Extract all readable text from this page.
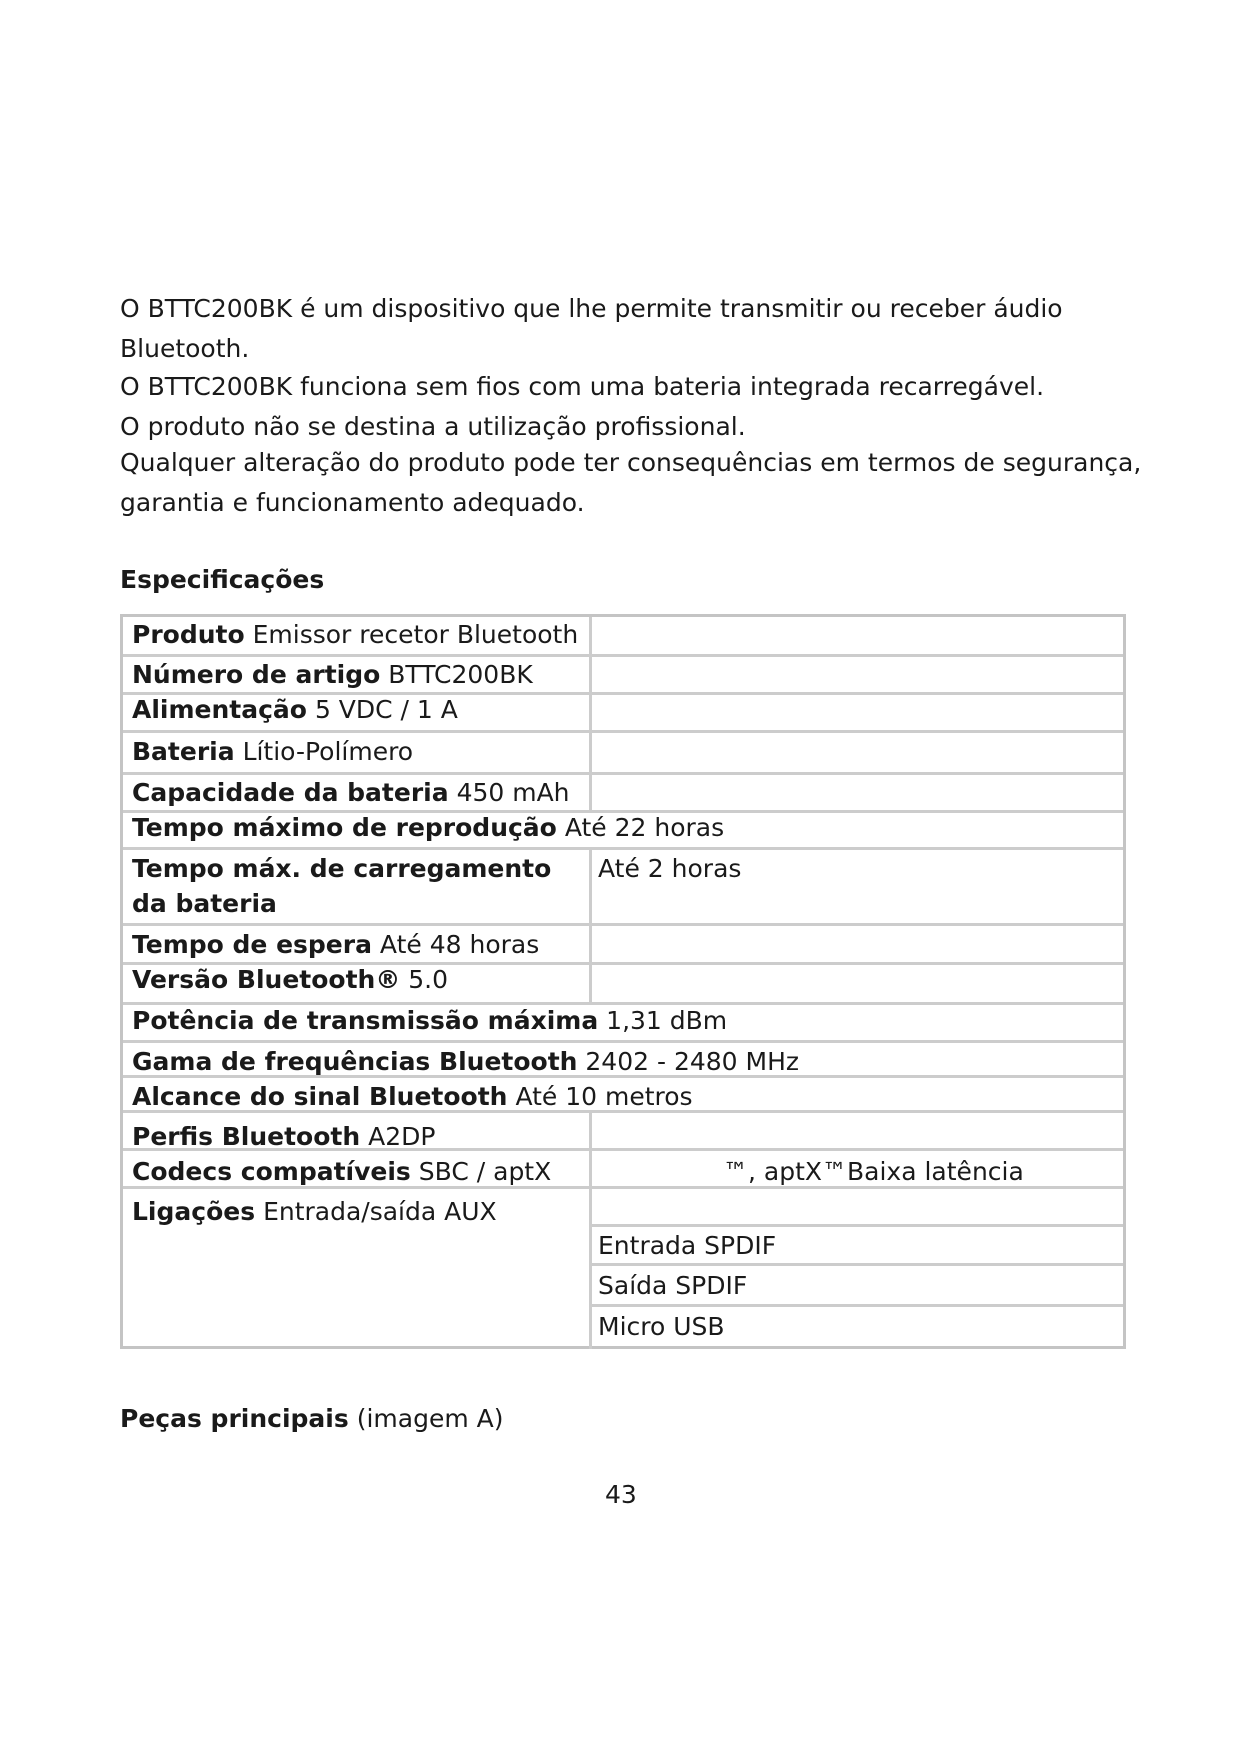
O BTTC200BK é um dispositivo que lhe permite transmitir ou receber áudio
Bluetooth.
O BTTC200BK funciona sem fios com uma bateria integrada recarregável.
O produto não se destina a utilização profissional.
Qualquer alteração do produto pode ter consequências em termos de segurança,
garantia e funcionamento adequado.
Especificações
Produto Emissor recetor Bluetooth
Número de artigo BTTC200BK
Alimentação 5 VDC / 1 A
Bateria Lítio-Polímero
Capacidade da bateria 450 mAh
Tempo máximo de reprodução Até 22 horas
Tempo máx. de carregamento
da bateria
Até 2 horas
Tempo de espera Até 48 horas
Versão Bluetooth® 5.0
Potência de transmissão máxima 1,31 dBm
Gama de frequências Bluetooth 2402 - 2480 MHz
Alcance do sinal Bluetooth Até 10 metros
Perfis Bluetooth A2DP
Codecs compatíveis SBC / aptX	™, aptX™Baixa latência
Ligações Entrada/saída AUX
Entrada SPDIF
Saída SPDIF
Micro USB
Peças principais (imagem A)
43
